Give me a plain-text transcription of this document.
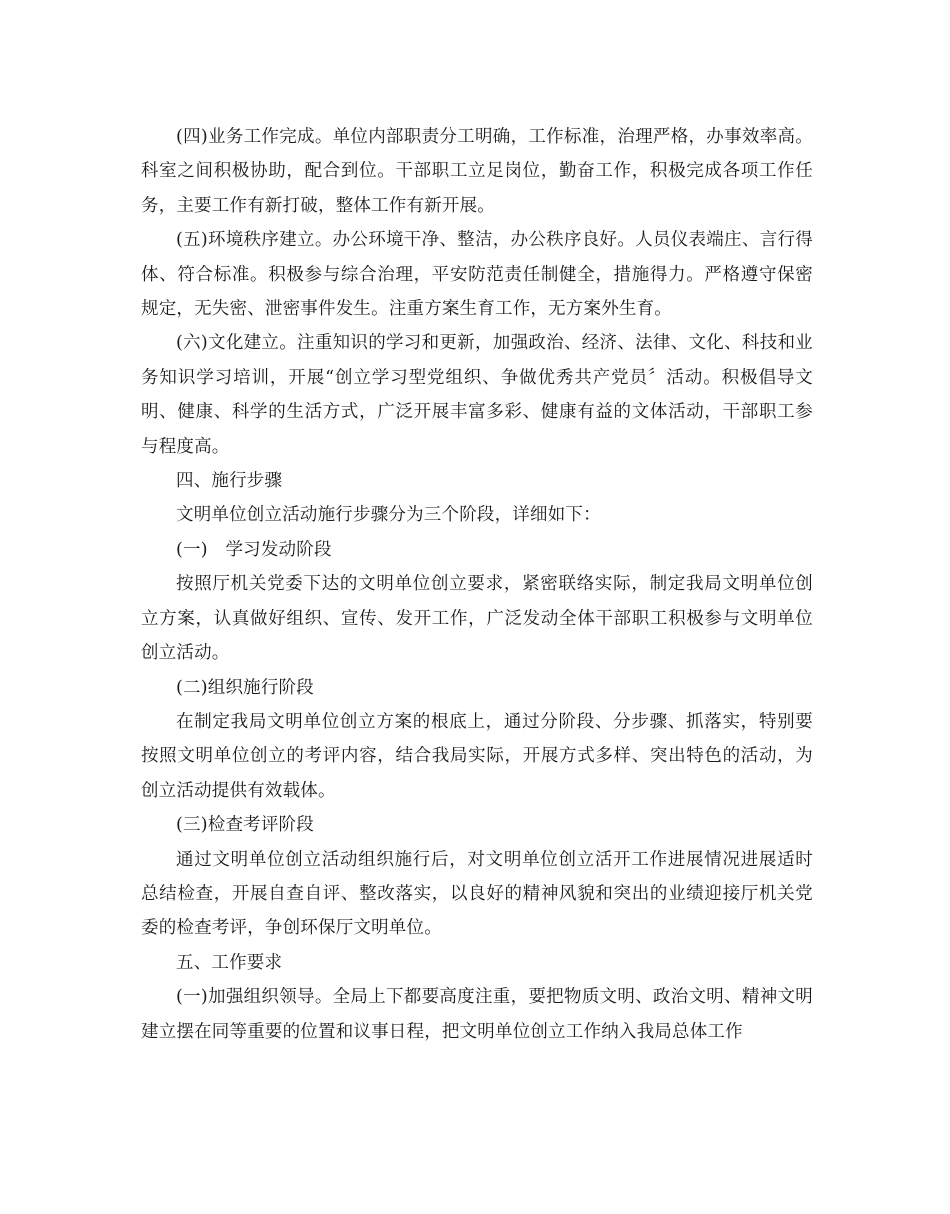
(四)业务工作完成。单位内部职责分工明确，工作标准，治理严格，办事效率高。科室之间积极协助，配合到位。干部职工立足岗位，勤奋工作，积极完成各项工作任务，主要工作有新打破，整体工作有新开展。

(五)环境秩序建立。办公环境干净、整洁，办公秩序良好。人员仪表端庄、言行得体、符合标准。积极参与综合治理，平安防范责任制健全，措施得力。严格遵守保密规定，无失密、泄密事件发生。注重方案生育工作，无方案外生育。

(六)文化建立。注重知识的学习和更新，加强政治、经济、法律、文化、科技和业务知识学习培训，开展“创立学习型党组织、争做优秀共产党员〞活动。积极倡导文明、健康、科学的生活方式，广泛开展丰富多彩、健康有益的文体活动，干部职工参与程度高。

四、施行步骤

文明单位创立活动施行步骤分为三个阶段，详细如下：

(一)　学习发动阶段

按照厅机关党委下达的文明单位创立要求，紧密联络实际，制定我局文明单位创立方案，认真做好组织、宣传、发开工作，广泛发动全体干部职工积极参与文明单位创立活动。

(二)组织施行阶段

在制定我局文明单位创立方案的根底上，通过分阶段、分步骤、抓落实，特别要按照文明单位创立的考评内容，结合我局实际，开展方式多样、突出特色的活动，为创立活动提供有效载体。

(三)检查考评阶段

通过文明单位创立活动组织施行后，对文明单位创立活开工作进展情况进展适时总结检查，开展自查自评、整改落实，以良好的精神风貌和突出的业绩迎接厅机关党委的检查考评，争创环保厅文明单位。

五、工作要求

(一)加强组织领导。全局上下都要高度注重，要把物质文明、政治文明、精神文明建立摆在同等重要的位置和议事日程，把文明单位创立工作纳入我局总体工作
